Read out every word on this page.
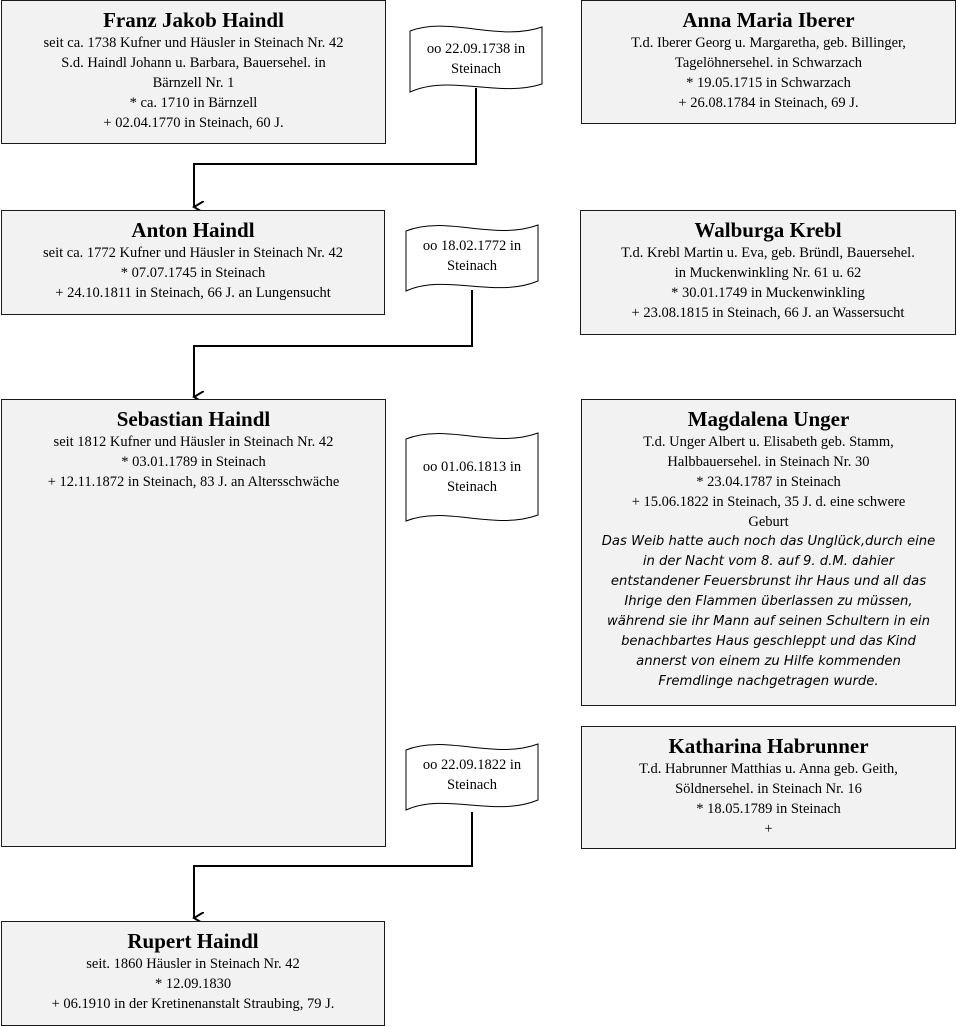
Franz Jakob Haindl
seit ca. 1738 Kufner und Häusler in Steinach Nr. 42
S.d. Haindl Johann u. Barbara, Bauersehel. in
Bärnzell Nr. 1
* ca. 1710 in Bärnzell
+ 02.04.1770 in Steinach, 60 J.
Anna Maria Iberer
T.d. Iberer Georg u. Margaretha, geb. Billinger,
Tagelöhnersehel. in Schwarzach
* 19.05.1715 in Schwarzach
+ 26.08.1784 in Steinach, 69 J.
Anton Haindl
seit ca. 1772 Kufner und Häusler in Steinach Nr. 42
* 07.07.1745 in Steinach
+ 24.10.1811 in Steinach, 66 J. an Lungensucht
Walburga Krebl
T.d. Krebl Martin u. Eva, geb. Bründl, Bauersehel.
in Muckenwinkling Nr. 61 u. 62
* 30.01.1749 in Muckenwinkling
+ 23.08.1815 in Steinach, 66 J. an Wassersucht
Sebastian Haindl
seit 1812 Kufner und Häusler in Steinach Nr. 42
* 03.01.1789 in Steinach
+ 12.11.1872 in Steinach, 83 J. an Altersschwäche
Magdalena Unger
T.d. Unger Albert u. Elisabeth geb. Stamm,
Halbbauersehel. in Steinach Nr. 30
* 23.04.1787 in Steinach
+ 15.06.1822 in Steinach, 35 J. d. eine schwere
Geburt
Das Weib hatte auch noch das Unglück,durch eine
in der Nacht vom 8. auf 9. d.M. dahier
entstandener Feuersbrunst ihr Haus und all das
Ihrige den Flammen überlassen zu müssen,
während sie ihr Mann auf seinen Schultern in ein
benachbartes Haus geschleppt und das Kind
annerst von einem zu Hilfe kommenden
Fremdlinge nachgetragen wurde.
Katharina Habrunner
T.d. Habrunner Matthias u. Anna geb. Geith,
Söldnersehel. in Steinach Nr. 16
* 18.05.1789 in Steinach
+
Rupert Haindl
seit. 1860 Häusler in Steinach Nr. 42
* 12.09.1830
+ 06.1910 in der Kretinenanstalt Straubing, 79 J.
oo 22.09.1738 in Steinach
oo 18.02.1772 in Steinach
oo 01.06.1813 in Steinach
oo 22.09.1822 in Steinach
